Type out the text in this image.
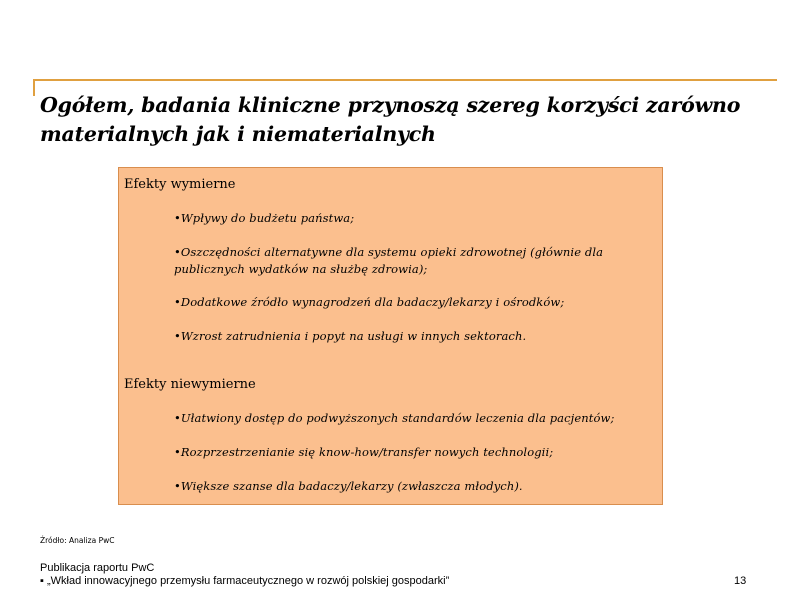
Ogółem, badania kliniczne przynoszą szereg korzyści zarówno materialnych jak i niematerialnych
Efekty wymierne
•Wpływy do budżetu państwa;
•Oszczędności alternatywne dla systemu opieki zdrowotnej (głównie dla publicznych wydatków na służbę zdrowia);
•Dodatkowe źródło wynagrodzeń dla badaczy/lekarzy i ośrodków;
•Wzrost zatrudnienia i popyt na usługi w innych sektorach.
Efekty niewymierne
•Ułatwiony dostęp do podwyższonych standardów leczenia dla pacjentów;
•Rozprzestrzenianie się know-how/transfer nowych technologii;
•Większe szanse dla badaczy/lekarzy (zwłaszcza młodych).
Źródło: Analiza PwC
Publikacja raportu PwC
▪ „Wkład innowacyjnego przemysłu farmaceutycznego w rozwój polskiej gospodarki”	13
